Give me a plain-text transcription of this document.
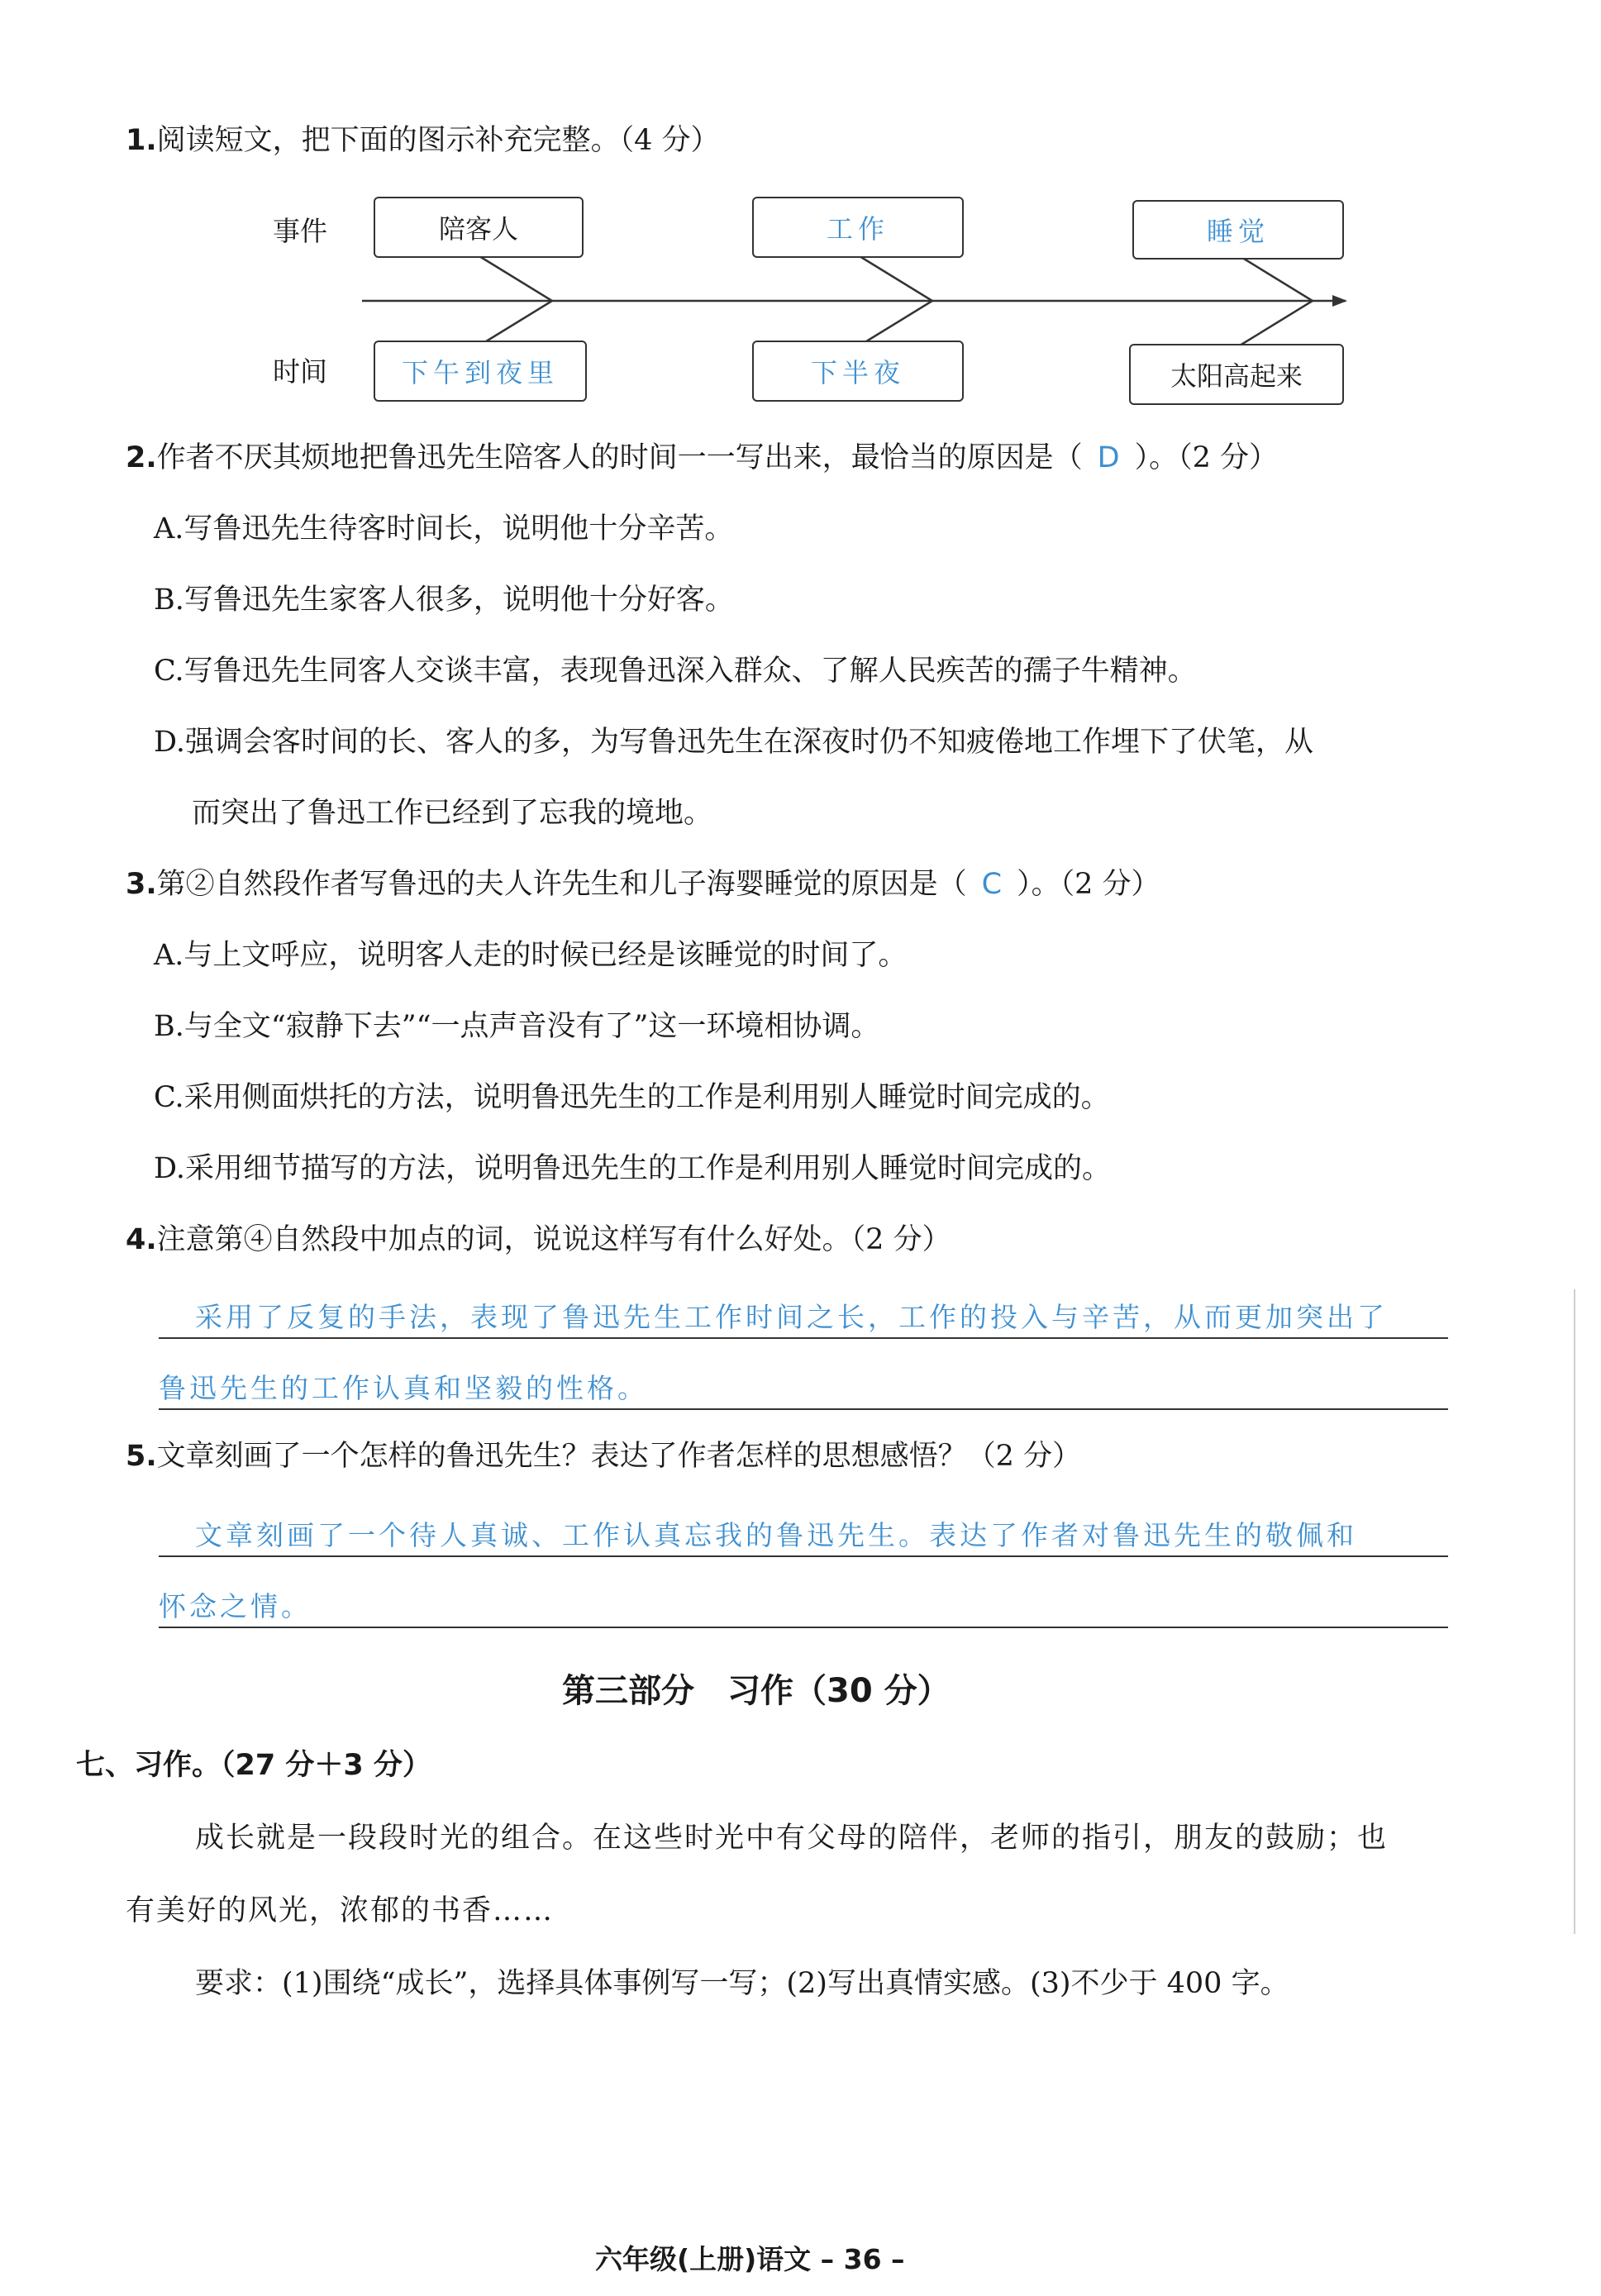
1.阅读短文，把下面的图示补充完整。（4 分）
事件
时间
陪客人	工作	睡觉
下午到夜里	下半夜	太阳高起来
2.作者不厌其烦地把鲁迅先生陪客人的时间一一写出来，最恰当的原因是（ D ）。（2 分）
A.写鲁迅先生待客时间长，说明他十分辛苦。
B.写鲁迅先生家客人很多，说明他十分好客。
C.写鲁迅先生同客人交谈丰富，表现鲁迅深入群众、了解人民疾苦的孺子牛精神。
D.强调会客时间的长、客人的多，为写鲁迅先生在深夜时仍不知疲倦地工作埋下了伏笔，从
而突出了鲁迅工作已经到了忘我的境地。
3.第②自然段作者写鲁迅的夫人许先生和儿子海婴睡觉的原因是（ C ）。（2 分）
A.与上文呼应，说明客人走的时候已经是该睡觉的时间了。
B.与全文“寂静下去”“一点声音没有了”这一环境相协调。
C.采用侧面烘托的方法，说明鲁迅先生的工作是利用别人睡觉时间完成的。
D.采用细节描写的方法，说明鲁迅先生的工作是利用别人睡觉时间完成的。
4.注意第④自然段中加点的词，说说这样写有什么好处。（2 分）
采用了反复的手法，表现了鲁迅先生工作时间之长，工作的投入与辛苦，从而更加突出了
鲁迅先生的工作认真和坚毅的性格。
5.文章刻画了一个怎样的鲁迅先生？表达了作者怎样的思想感悟？（2 分）
文章刻画了一个待人真诚、工作认真忘我的鲁迅先生。表达了作者对鲁迅先生的敬佩和
怀念之情。
第三部分　习作（30 分）
七、习作。（27 分＋3 分）
成长就是一段段时光的组合。在这些时光中有父母的陪伴，老师的指引，朋友的鼓励；也
有美好的风光，浓郁的书香……
要求：(1)围绕“成长”，选择具体事例写一写；(2)写出真情实感。(3)不少于 400 字。
六年级(上册)语文 – 36 –
